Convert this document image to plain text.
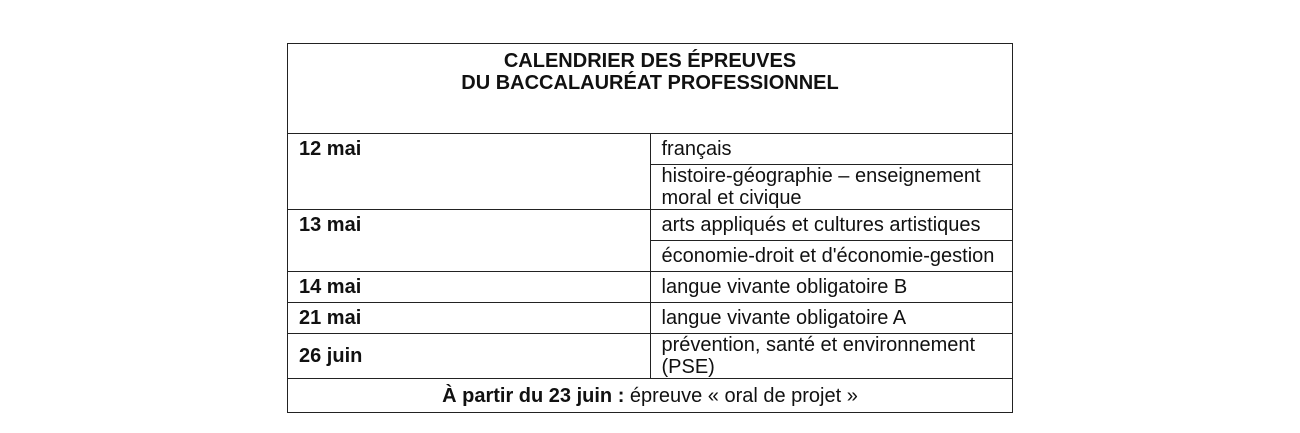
CALENDRIER DES ÉPREUVES
DU BACCALAURÉAT PROFESSIONNEL	

12 mai	français
	histoire-géographie – enseignement moral et civique
13 mai	arts appliqués et cultures artistiques
	économie-droit et d'économie-gestion
14 mai	langue vivante obligatoire B
21 mai	langue vivante obligatoire A
26 juin	prévention, santé et environnement (PSE)
À partir du 23 juin : épreuve « oral de projet »	
